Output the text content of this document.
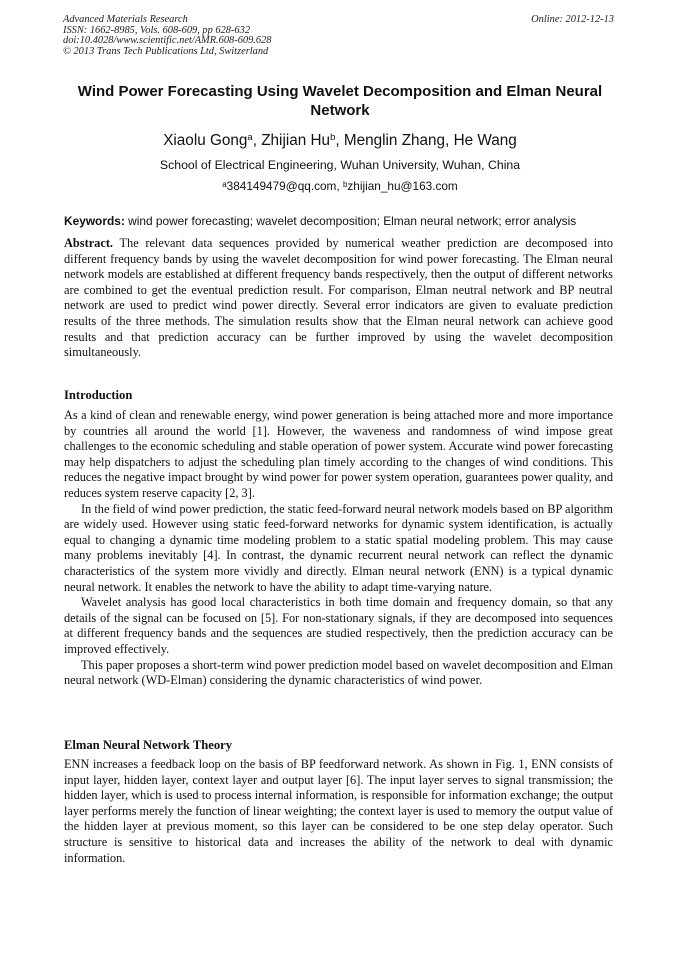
Advanced Materials Research
ISSN: 1662-8985, Vols. 608-609, pp 628-632
doi:10.4028/www.scientific.net/AMR.608-609.628
© 2013 Trans Tech Publications Ltd, Switzerland
Online: 2012-12-13
Wind Power Forecasting Using Wavelet Decomposition and Elman Neural Network
Xiaolu Gong$^a$, Zhijian Hu$^b$, Menglin Zhang, He Wang
School of Electrical Engineering, Wuhan University, Wuhan, China
$^a$384149479@qq.com, $^b$zhijian_hu@163.com
Keywords: wind power forecasting; wavelet decomposition; Elman neural network; error analysis

Abstract. The relevant data sequences provided by numerical weather prediction are decomposed into different frequency bands by using the wavelet decomposition for wind power forecasting. The Elman neural network models are established at different frequency bands respectively, then the output of different networks are combined to get the eventual prediction result. For comparison, Elman neutral network and BP neutral network are used to predict wind power directly. Several error indicators are given to evaluate prediction results of the three methods. The simulation results show that the Elman neural network can achieve good results and that prediction accuracy can be further improved by using the wavelet decomposition simultaneously.

Introduction

As a kind of clean and renewable energy, wind power generation is being attached more and more importance by countries all around the world [1]. However, the waveness and randomness of wind impose great challenges to the economic scheduling and stable operation of power system. Accurate wind power forecasting may help dispatchers to adjust the scheduling plan timely according to the changes of wind conditions. This reduces the negative impact brought by wind power for power system operation, guarantees power quality, and reduces system reserve capacity [2, 3].

In the field of wind power prediction, the static feed-forward neural network models based on BP algorithm are widely used. However using static feed-forward networks for dynamic system identification, is actually equal to changing a dynamic time modeling problem to a static spatial modeling problem. This may cause many problems inevitably [4]. In contrast, the dynamic recurrent neural network can reflect the dynamic characteristics of the system more vividly and directly. Elman neural network (ENN) is a typical dynamic neural network. It enables the network to have the ability to adapt time-varying nature.

Wavelet analysis has good local characteristics in both time domain and frequency domain, so that any details of the signal can be focused on [5]. For non-stationary signals, if they are decomposed into sequences at different frequency bands and the sequences are studied respectively, then the prediction accuracy can be improved effectively.

This paper proposes a short-term wind power prediction model based on wavelet decomposition and Elman neural network (WD-Elman) considering the dynamic characteristics of wind power.

Elman Neural Network Theory

ENN increases a feedback loop on the basis of BP feedforward network. As shown in Fig. 1, ENN consists of input layer, hidden layer, context layer and output layer [6]. The input layer serves to signal transmission; the hidden layer, which is used to process internal information, is responsible for information exchange; the output layer performs merely the function of linear weighting; the context layer is used to memory the output value of the hidden layer at previous moment, so this layer can be considered to be one step delay operator. Such structure is sensitive to historical data and increases the ability of the network to deal with dynamic information.
